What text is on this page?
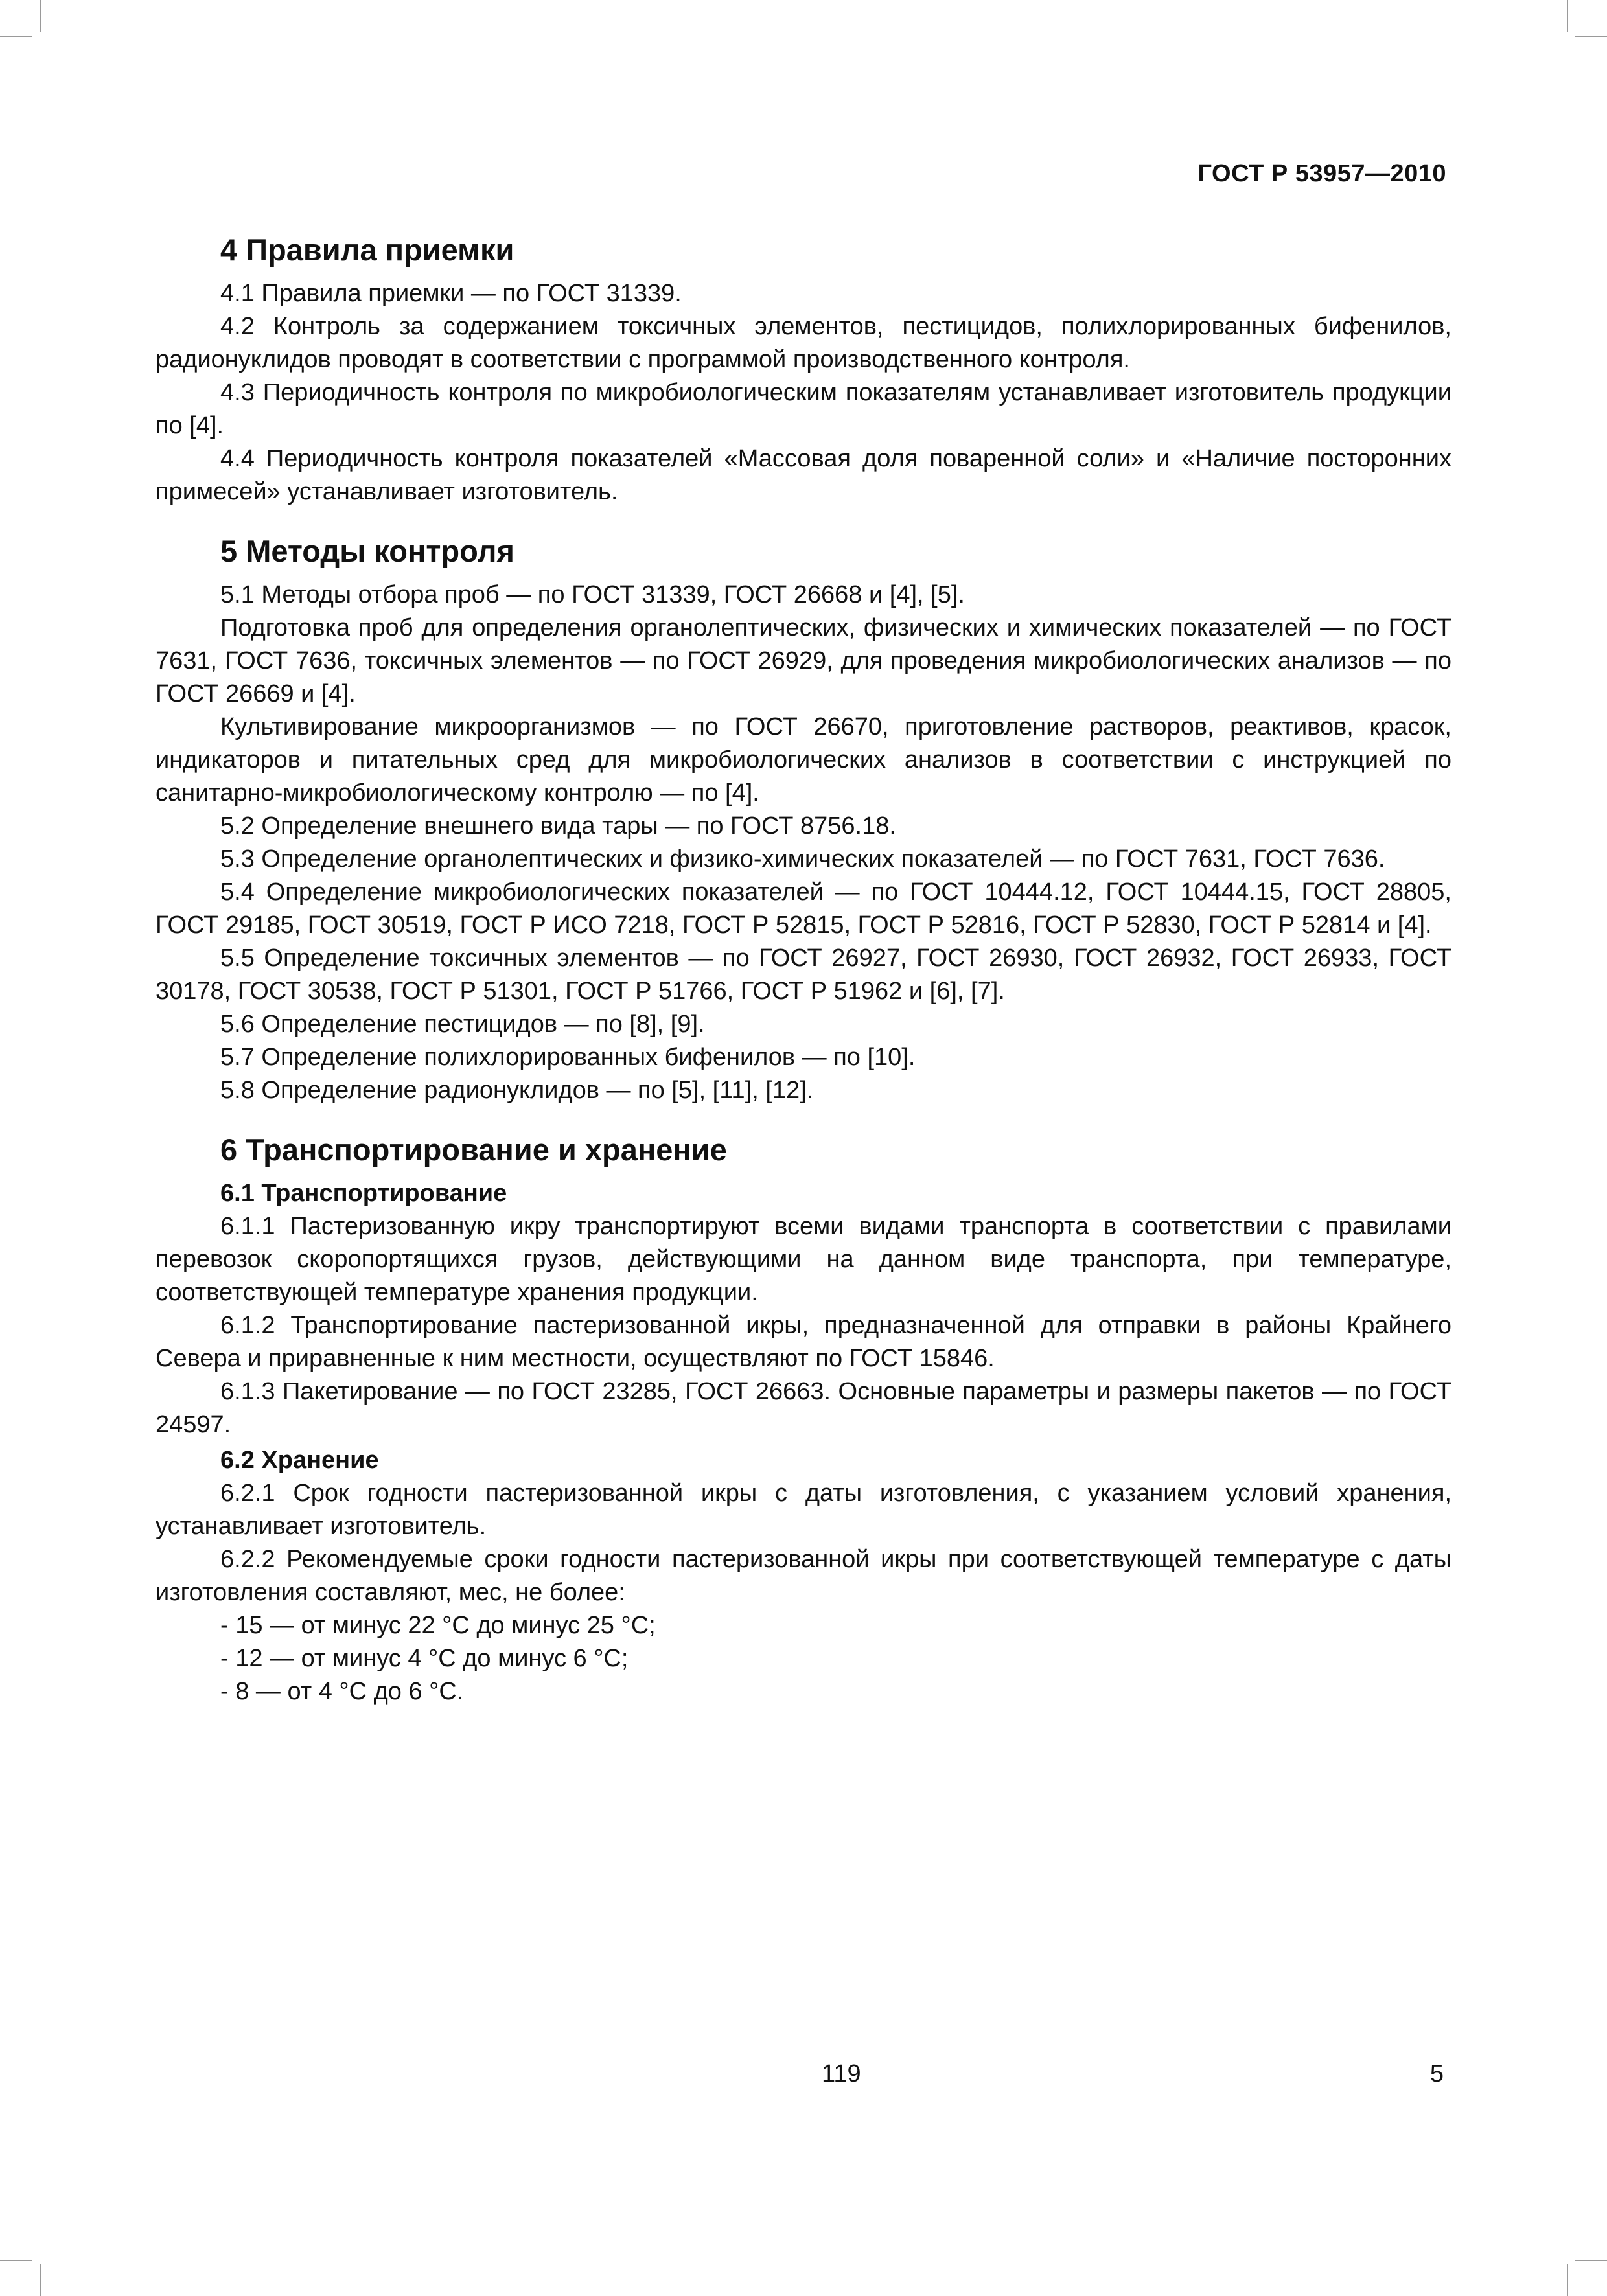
ГОСТ Р 53957—2010
4 Правила приемки

4.1 Правила приемки — по ГОСТ 31339.

4.2 Контроль за содержанием токсичных элементов, пестицидов, полихлорированных бифенилов, радионуклидов проводят в соответствии с программой производственного контроля.

4.3 Периодичность контроля по микробиологическим показателям устанавливает изготовитель продукции по [4].

4.4 Периодичность контроля показателей «Массовая доля поваренной соли» и «Наличие посторонних примесей» устанавливает изготовитель.

5 Методы контроля

5.1 Методы отбора проб — по ГОСТ 31339, ГОСТ 26668 и [4], [5].

Подготовка проб для определения органолептических, физических и химических показателей — по ГОСТ 7631, ГОСТ 7636, токсичных элементов — по ГОСТ 26929, для проведения микробиологических анализов — по ГОСТ 26669 и [4].

Культивирование микроорганизмов — по ГОСТ 26670, приготовление растворов, реактивов, красок, индикаторов и питательных сред для микробиологических анализов в соответствии с инструкцией по санитарно-микробиологическому контролю — по [4].

5.2 Определение внешнего вида тары — по ГОСТ 8756.18.

5.3 Определение органолептических и физико-химических показателей — по ГОСТ 7631, ГОСТ 7636.

5.4 Определение микробиологических показателей — по ГОСТ 10444.12, ГОСТ 10444.15, ГОСТ 28805, ГОСТ 29185, ГОСТ 30519, ГОСТ Р ИСО 7218, ГОСТ Р 52815, ГОСТ Р 52816, ГОСТ Р 52830, ГОСТ Р 52814 и [4].

5.5 Определение токсичных элементов — по ГОСТ 26927, ГОСТ 26930, ГОСТ 26932, ГОСТ 26933, ГОСТ 30178, ГОСТ 30538, ГОСТ Р 51301, ГОСТ Р 51766, ГОСТ Р 51962 и [6], [7].

5.6 Определение пестицидов — по [8], [9].

5.7 Определение полихлорированных бифенилов — по [10].

5.8 Определение радионуклидов — по [5], [11], [12].

6 Транспортирование и хранение
6.1 Транспортирование

6.1.1 Пастеризованную икру транспортируют всеми видами транспорта в соответствии с правилами перевозок скоропортящихся грузов, действующими на данном виде транспорта, при температуре, соответствующей температуре хранения продукции.

6.1.2 Транспортирование пастеризованной икры, предназначенной для отправки в районы Крайнего Севера и приравненные к ним местности, осуществляют по ГОСТ 15846.

6.1.3 Пакетирование — по ГОСТ 23285, ГОСТ 26663. Основные параметры и размеры пакетов — по ГОСТ 24597.

6.2 Хранение

6.2.1 Срок годности пастеризованной икры с даты изготовления, с указанием условий хранения, устанавливает изготовитель.

6.2.2 Рекомендуемые сроки годности пастеризованной икры при соответствующей температуре с даты изготовления составляют, мес, не более:

- 15 — от минус 22 °С до минус 25 °С;
- 12 — от минус 4 °С до минус 6 °С;
- 8 — от 4 °С до 6 °С.
119	5
